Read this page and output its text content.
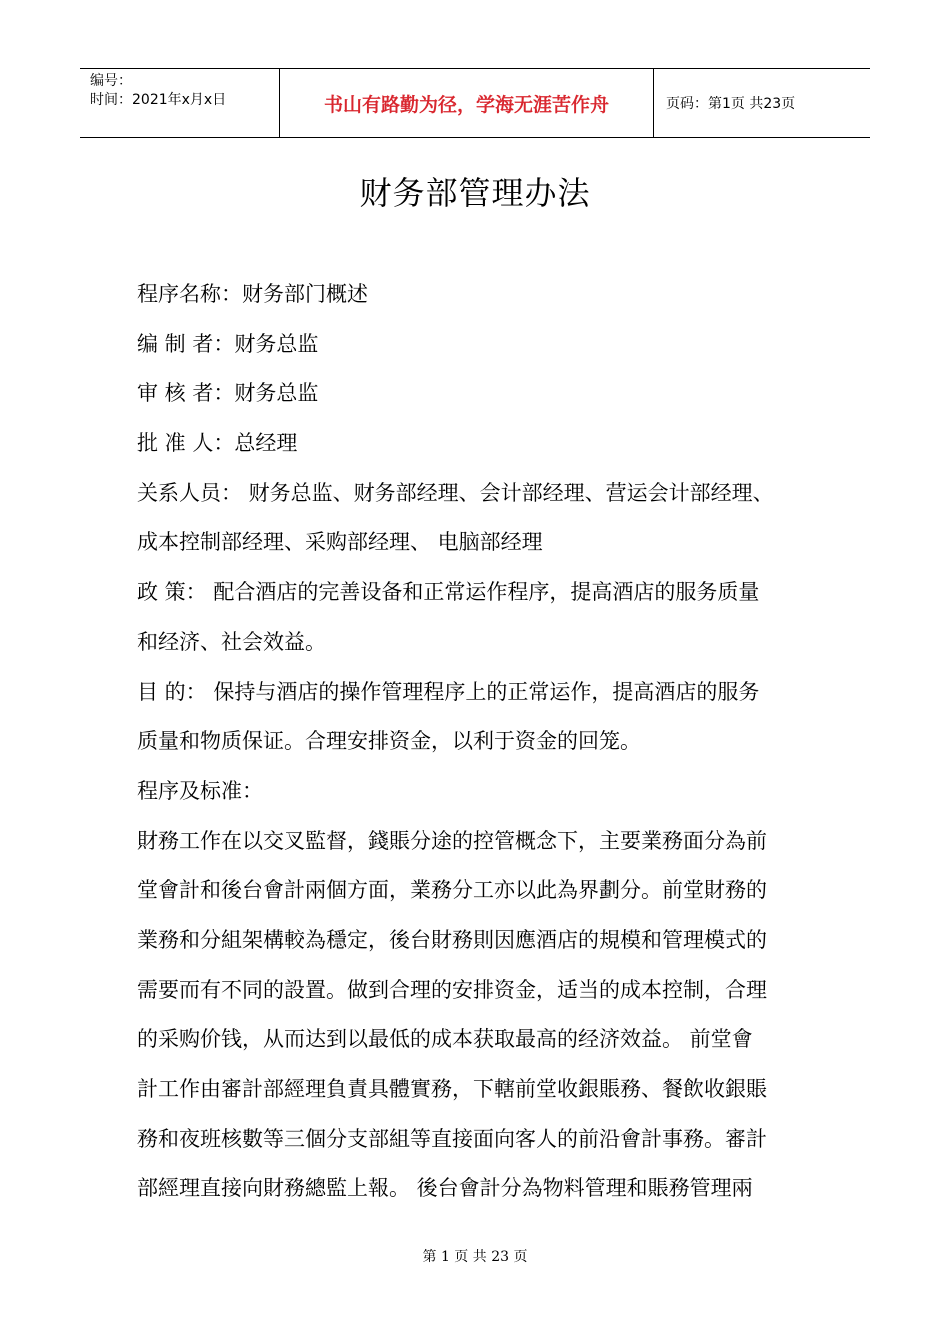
编号：
时间：2021年x月x日	书山有路勤为径，学海无涯苦作舟	页码：第1页 共23页
财务部管理办法
程序名称：财务部门概述
编 制 者：财务总监
审 核 者：财务总监
批 准 人：总经理
关系人员： 财务总监、财务部经理、会计部经理、营运会计部经理、
成本控制部经理、采购部经理、 电脑部经理
政 策： 配合酒店的完善设备和正常运作程序，提高酒店的服务质量
和经济、社会效益。
目 的： 保持与酒店的操作管理程序上的正常运作，提高酒店的服务
质量和物质保证。合理安排资金，以利于资金的回笼。
程序及标准：
財務工作在以交叉監督，錢賬分途的控管概念下，主要業務面分為前
堂會計和後台會計兩個方面，業務分工亦以此為界劃分。前堂財務的
業務和分組架構較為穩定，後台財務則因應酒店的規模和管理模式的
需要而有不同的設置。做到合理的安排资金，适当的成本控制，合理
的采购价钱，从而达到以最低的成本获取最高的经济效益。 前堂會
計工作由審計部經理負責具體實務，下轄前堂收銀賬務、餐飲收銀賬
務和夜班核數等三個分支部組等直接面向客人的前沿會計事務。審計
部經理直接向財務總監上報。 後台會計分為物料管理和賬務管理兩
第 1 页 共 23 页
